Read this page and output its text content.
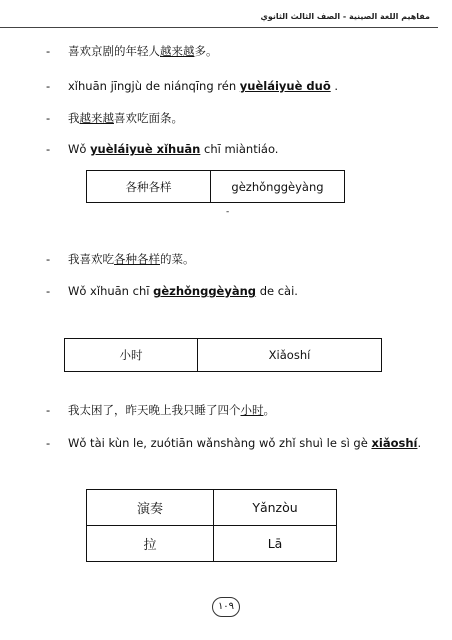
مفاهيم اللغة الصينية - الصف الثالث الثانوي
- 喜欢京剧的年轻人越来越多。
- xǐhuān jīngjù de niánqīng rén yuèláiyuè duō .
- 我越来越喜欢吃面条。
- Wǒ yuèláiyuè xǐhuān chī miàntiáo.
各种各样	gèzhǒnggèyàng
-
- 我喜欢吃各种各样的菜。
- Wǒ xǐhuān chī gèzhǒnggèyàng de cài.
小时	Xiǎoshí
- 我太困了，昨天晚上我只睡了四个小时。
- Wǒ tài kùn le, zuótiān wǎnshàng wǒ zhǐ shuì le sì gè xiǎoshí.
演奏	Yǎnzòu
拉	Lā
١٠٩
